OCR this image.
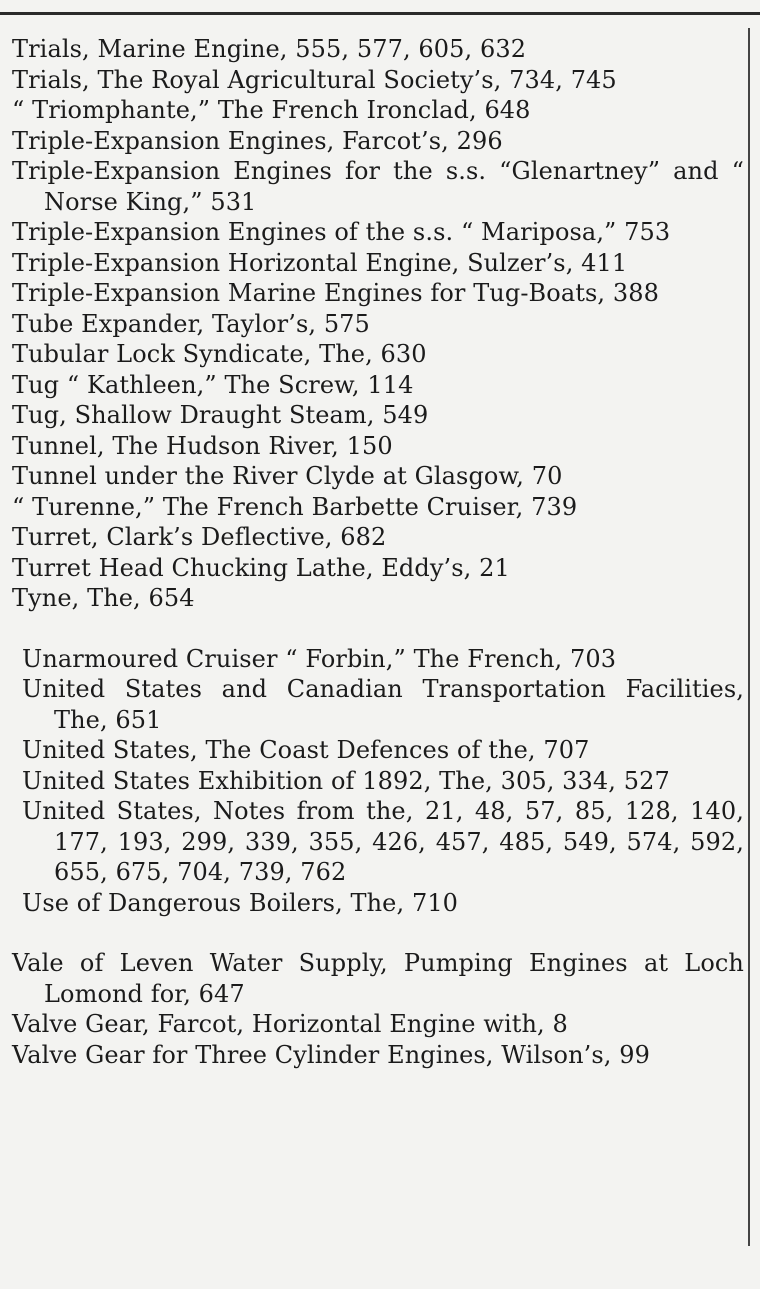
Trials, Marine Engine, 555, 577, 605, 632

Trials, The Royal Agricultural Society’s, 734, 745

“ Triomphante,” The French Ironclad, 648

Triple-Expansion Engines, Farcot’s, 296

Triple-Expansion Engines for the s.s. “Glenartney” and “ Norse King,” 531

Triple-Expansion Engines of the s.s. “ Mariposa,” 753

Triple-Expansion Horizontal Engine, Sulzer’s, 411

Triple-Expansion Marine Engines for Tug-Boats, 388

Tube Expander, Taylor’s, 575

Tubular Lock Syndicate, The, 630

Tug “ Kathleen,” The Screw, 114

Tug, Shallow Draught Steam, 549

Tunnel, The Hudson River, 150

Tunnel under the River Clyde at Glasgow, 70

“ Turenne,” The French Barbette Cruiser, 739

Turret, Clark’s Deflective, 682

Turret Head Chucking Lathe, Eddy’s, 21

Tyne, The, 654

Unarmoured Cruiser “ Forbin,” The French, 703

United States and Canadian Transportation Facilities, The, 651

United States, The Coast Defences of the, 707

United States Exhibition of 1892, The, 305, 334, 527

United States, Notes from the, 21, 48, 57, 85, 128, 140, 177, 193, 299, 339, 355, 426, 457, 485, 549, 574, 592, 655, 675, 704, 739, 762

Use of Dangerous Boilers, The, 710

Vale of Leven Water Supply, Pumping Engines at Loch Lomond for, 647

Valve Gear, Farcot, Horizontal Engine with, 8

Valve Gear for Three Cylinder Engines, Wilson’s, 99
